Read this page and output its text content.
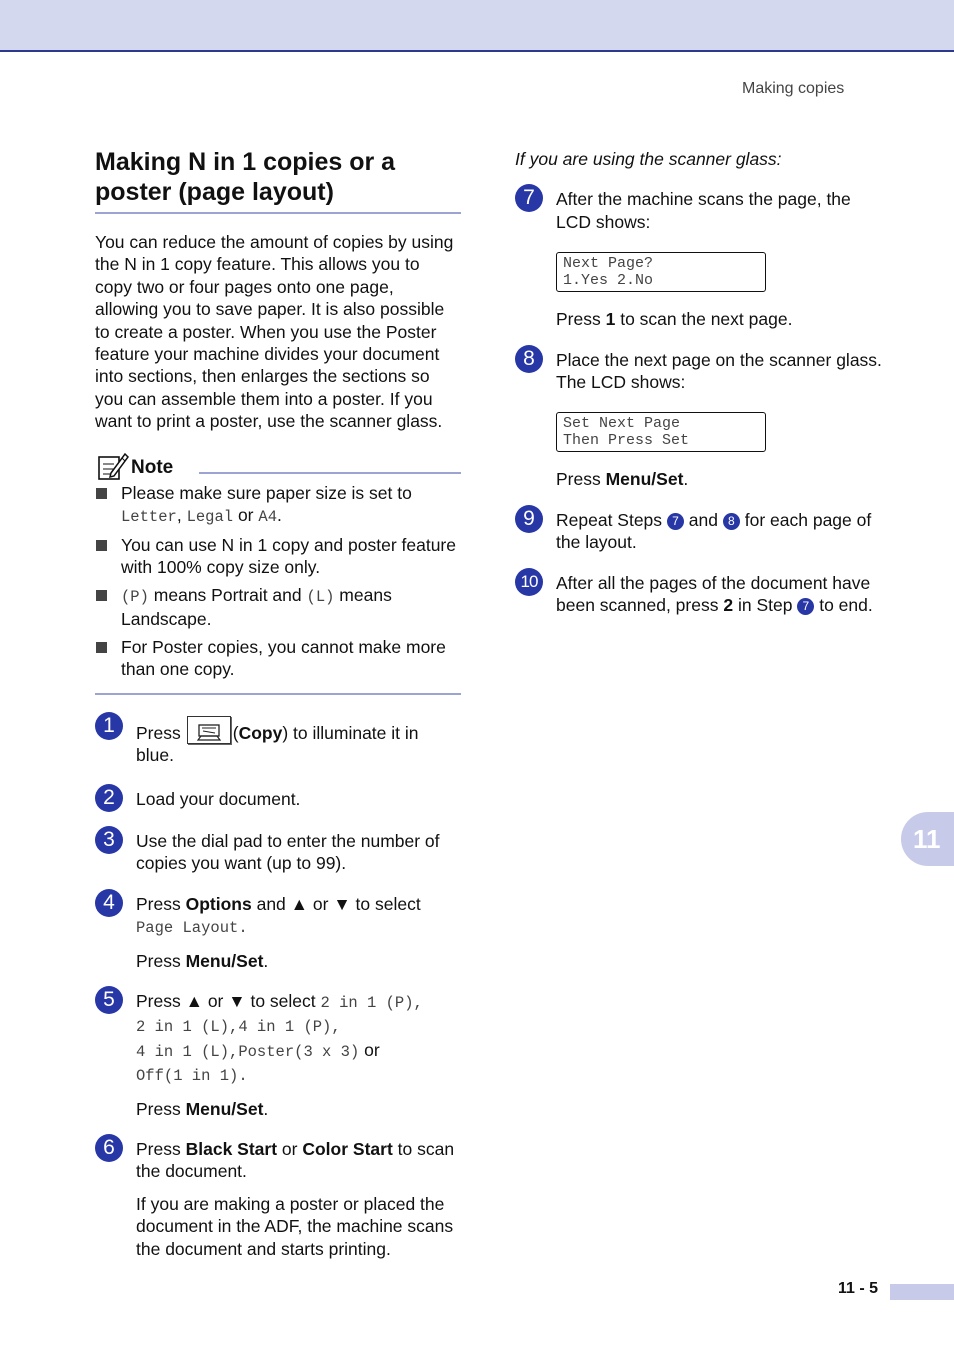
Making copies
Making N in 1 copies or a
poster (page layout)

You can reduce the amount of copies by using the N in 1 copy feature. This allows you to copy two or four pages onto one page, allowing you to save paper. It is also possible to create a poster. When you use the Poster feature your machine divides your document into sections, then enlarges the sections so you can assemble them into a poster. If you want to print a poster, use the scanner glass.

Note
Please make sure paper size is set to
Letter, Legal or A4.
You can use N in 1 copy and poster feature with 100% copy size only.
(P) means Portrait and (L) means Landscape.
For Poster copies, you cannot make more than one copy.
1	Press	(Copy) to illuminate it in blue.
2	Load your document.
3	Use the dial pad to enter the number of copies you want (up to 99).
4	Press Options and ▲ or ▼ to select
Page Layout.
Press Menu/Set.
5	Press ▲ or ▼ to select 2 in 1 (P),
2 in 1 (L),4 in 1 (P),
4 in 1 (L),Poster(3 x 3) or
Off(1 in 1).
Press Menu/Set.
6	Press Black Start or Color Start to scan the document.
If you are making a poster or placed the document in the ADF, the machine scans the document and starts printing.

If you are using the scanner glass:

7	After the machine scans the page, the LCD shows:
Next Page?
1.Yes 2.No
Press 1 to scan the next page.
8	Place the next page on the scanner glass. The LCD shows:
Set Next Page
Then Press Set
Press Menu/Set.
9	Repeat Steps 7 and 8 for each page of the layout.
10	After all the pages of the document have been scanned, press 2 in Step 7 to end.
11
11 - 5
